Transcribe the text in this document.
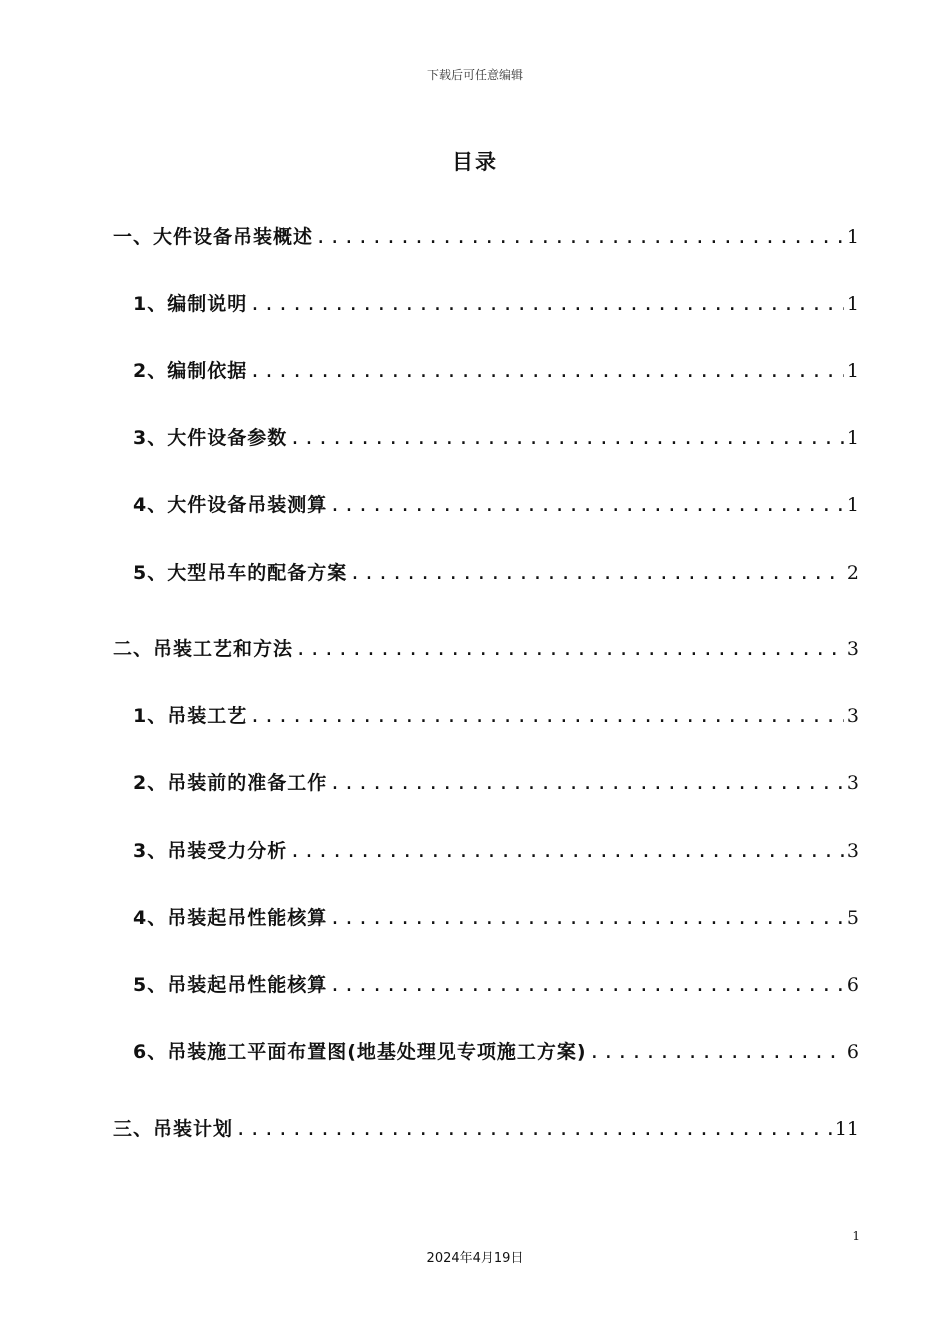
下载后可任意编辑
目录
一、大件设备吊装概述 .....	1
1、编制说明 .....	1
2、编制依据 .....	1
3、大件设备参数 .....	1
4、大件设备吊装测算 .....	1
5、大型吊车的配备方案 .....	2
二、吊装工艺和方法 .....	3
1、吊装工艺 .....	3
2、吊装前的准备工作 .....	3
3、吊装受力分析 .....	3
4、吊装起吊性能核算 .....	5
5、吊装起吊性能核算 .....	6
6、吊装施工平面布置图(地基处理见专项施工方案) .....	6
三、吊装计划 .....	11
1
2024年4月19日
